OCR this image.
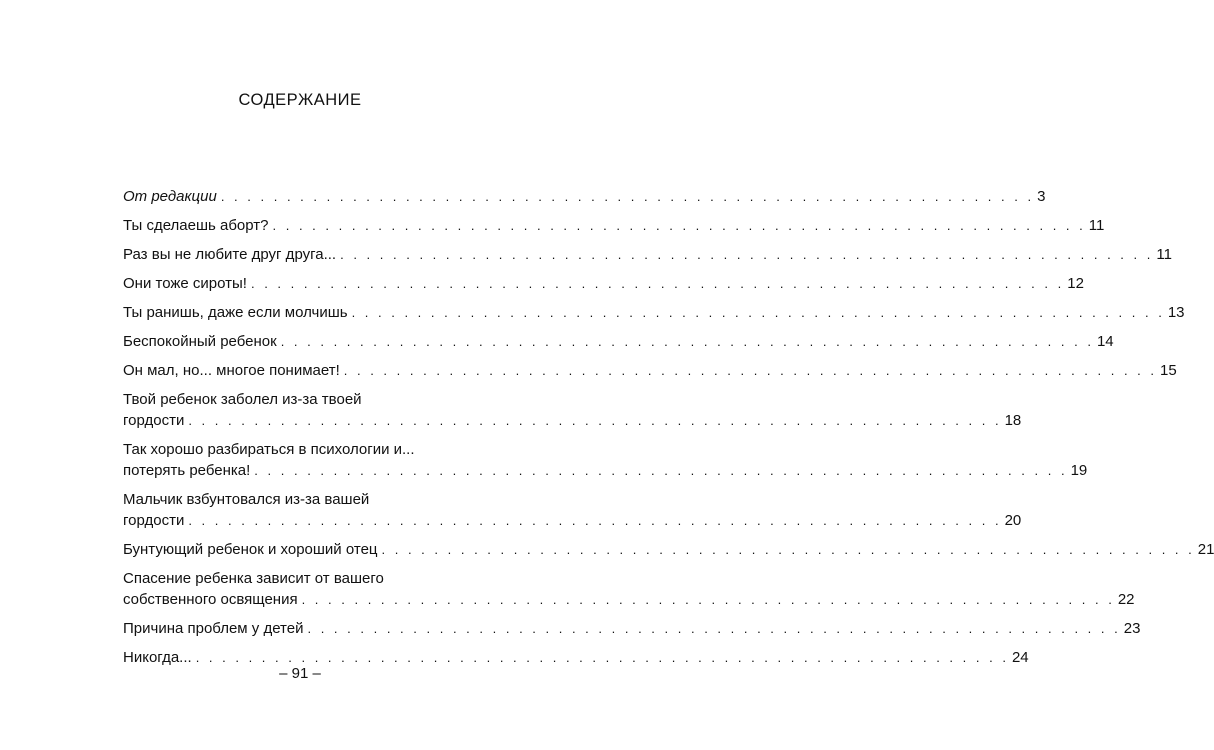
СОДЕРЖАНИЕ
От редакции . . . . . . . . . . . . . . . . . . . . . . . . . . . . . . . . . . . . . . . . . . . . . . . . . . . . . . . . . . . . . . 3
Ты сделаешь аборт? . . . . . . . . . . . . . . . . . . . . . . . . . . . . . . . . . . . . . . . . . . . . . . . . . . . . . . . . . . . . . . 11
Раз вы не любите друг друга... . . . . . . . . . . . . . . . . . . . . . . . . . . . . . . . . . . . . . . . . . . . . . . . . . . . . . . . . . . . . . . 11
Они тоже сироты! . . . . . . . . . . . . . . . . . . . . . . . . . . . . . . . . . . . . . . . . . . . . . . . . . . . . . . . . . . . . . . 12
Ты ранишь, даже если молчишь . . . . . . . . . . . . . . . . . . . . . . . . . . . . . . . . . . . . . . . . . . . . . . . . . . . . . . . . . . . . . . 13
Беспокойный ребенок . . . . . . . . . . . . . . . . . . . . . . . . . . . . . . . . . . . . . . . . . . . . . . . . . . . . . . . . . . . . . . 14
Он мал, но... многое понимает! . . . . . . . . . . . . . . . . . . . . . . . . . . . . . . . . . . . . . . . . . . . . . . . . . . . . . . . . . . . . . . 15
Твой ребенок заболел из-за твоей
гордости . . . . . . . . . . . . . . . . . . . . . . . . . . . . . . . . . . . . . . . . . . . . . . . . . . . . . . . . . . . . . . 18
Так хорошо разбираться в психологии и...
потерять ребенка! . . . . . . . . . . . . . . . . . . . . . . . . . . . . . . . . . . . . . . . . . . . . . . . . . . . . . . . . . . . . . . 19
Мальчик взбунтовался из-за вашей
гордости . . . . . . . . . . . . . . . . . . . . . . . . . . . . . . . . . . . . . . . . . . . . . . . . . . . . . . . . . . . . . . 20
Бунтующий ребенок и хороший отец . . . . . . . . . . . . . . . . . . . . . . . . . . . . . . . . . . . . . . . . . . . . . . . . . . . . . . . . . . . . . . 21
Спасение ребенка зависит от вашего
собственного освящения . . . . . . . . . . . . . . . . . . . . . . . . . . . . . . . . . . . . . . . . . . . . . . . . . . . . . . . . . . . . . . 22
Причина проблем у детей . . . . . . . . . . . . . . . . . . . . . . . . . . . . . . . . . . . . . . . . . . . . . . . . . . . . . . . . . . . . . . 23
Никогда... . . . . . . . . . . . . . . . . . . . . . . . . . . . . . . . . . . . . . . . . . . . . . . . . . . . . . . . . . . . . . . 24
– 91 –
